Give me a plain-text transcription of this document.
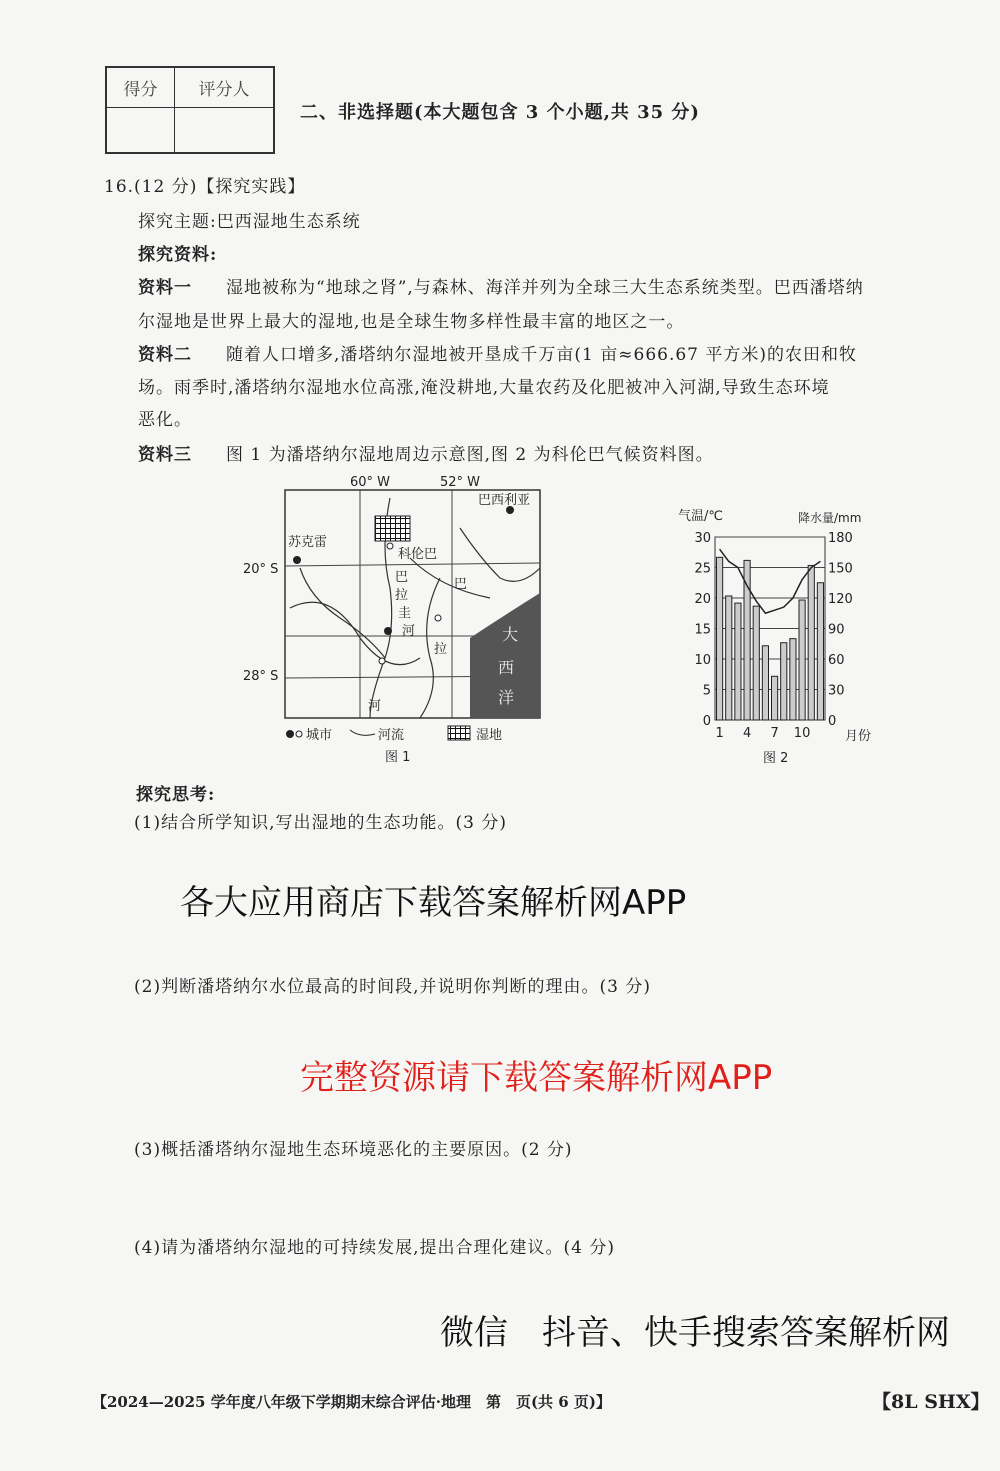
得分	评分人

二、非选择题(本大题包含 3 个小题,共 35 分)
16.(12 分)【探究实践】
探究主题:巴西湿地生态系统
探究资料:
资料一 湿地被称为“地球之肾”,与森林、海洋并列为全球三大生态系统类型。巴西潘塔纳
尔湿地是世界上最大的湿地,也是全球生物多样性最丰富的地区之一。
资料二 随着人口增多,潘塔纳尔湿地被开垦成千万亩(1 亩≈666.67 平方米)的农田和牧
场。雨季时,潘塔纳尔湿地水位高涨,淹没耕地,大量农药及化肥被冲入河湖,导致生态环境
恶化。
资料三 图 1 为潘塔纳尔湿地周边示意图,图 2 为科伦巴气候资料图。
60° W	52° W
20° S
28° S
苏克雷
科伦巴
巴西利亚
巴
拉
圭
河
巴
拉
河
大
西
洋
城市	河流	湿地
图 1
气温/℃	降水量/mm
0	0
5	30
10	60
15	90
20	120
25	150
30	180
1 4 7 10	月份
图 2
探究思考:
(1)结合所学知识,写出湿地的生态功能。(3 分)
(2)判断潘塔纳尔水位最高的时间段,并说明你判断的理由。(3 分)
(3)概括潘塔纳尔湿地生态环境恶化的主要原因。(2 分)
(4)请为潘塔纳尔湿地的可持续发展,提出合理化建议。(4 分)
【2024—2025 学年度八年级下学期期末综合评估·地理　第　页(共 6 页)】	【8L SHX】
各大应用商店下载答案解析网APP
完整资源请下载答案解析网APP
微信　抖音、快手搜索答案解析网
